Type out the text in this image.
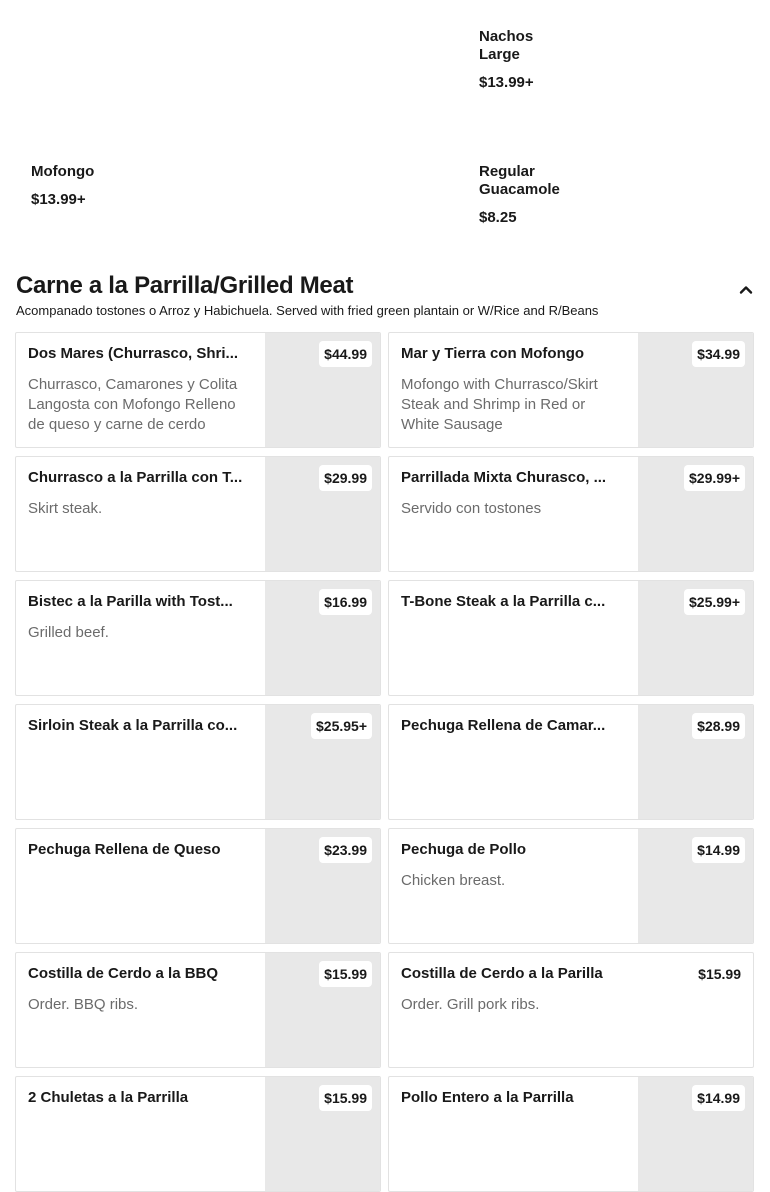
Nachos Large
$13.99+
Mofongo
$13.99+
Regular Guacamole
$8.25
Carne a la Parrilla/Grilled Meat
Acompanado tostones o Arroz y Habichuela. Served with fried green plantain or W/Rice and R/Beans
Dos Mares (Churrasco, Shri...
Churrasco, Camarones y Colita Langosta con Mofongo Relleno de queso y carne de cerdo
$44.99	Mar y Tierra con Mofongo
Mofongo with Churrasco/Skirt Steak and Shrimp in Red or White Sausage
$34.99
Churrasco a la Parrilla con T...
Skirt steak.
$29.99	Parrillada Mixta Churasco, ...
Servido con tostones
$29.99+
Bistec a la Parilla with Tost...
Grilled beef.
$16.99	T-Bone Steak a la Parrilla c...	$25.99+
Sirloin Steak a la Parrilla co...	$25.95+	Pechuga Rellena de Camar...	$28.99
Pechuga Rellena de Queso	$23.99	Pechuga de Pollo
Chicken breast.
$14.99
Costilla de Cerdo a la BBQ
Order. BBQ ribs.
$15.99	Costilla de Cerdo a la Parilla
Order. Grill pork ribs.
$15.99
2 Chuletas a la Parrilla	$15.99	Pollo Entero a la Parrilla	$14.99
